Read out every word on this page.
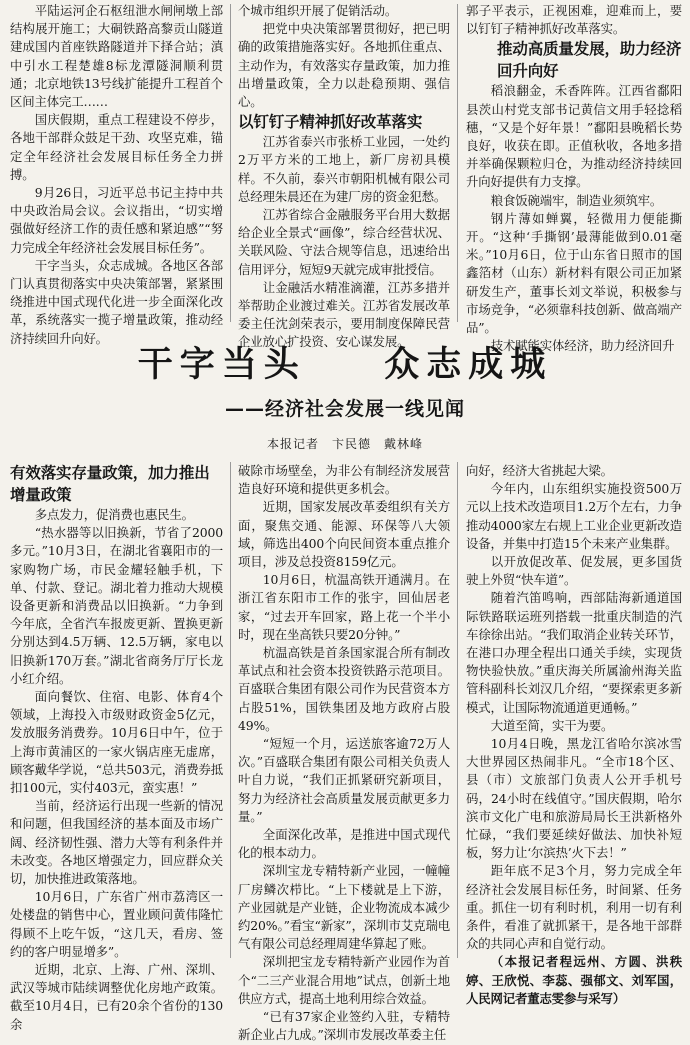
平陆运河企石枢纽泄水闸闸墩上部结构展开施工；大硐铁路高黎贡山隧道建成国内首座铁路隧道并下择合站；滇中引水工程楚雄8标龙潭隧洞顺利贯通；北京地铁13号线扩能提升工程首个区间主体完工……

国庆假期，重点工程建设不停步，各地干部群众鼓足干劲、攻坚克难，锚定全年经济社会发展目标任务全力拼搏。

9月26日，习近平总书记主持中共中央政治局会议。会议指出，“切实增强做好经济工作的责任感和紧迫感”“努力完成全年经济社会发展目标任务”。

干字当头，众志成城。各地区各部门认真贯彻落实中央决策部署，紧紧围绕推进中国式现代化进一步全面深化改革，系统落实一揽子增量政策，推动经济持续回升向好。

个城市组织开展了促销活动。

把党中央决策部署贯彻好，把已明确的政策措施落实好。各地抓住重点、主动作为，有效落实存量政策，加力推出增量政策，全力以赴稳预期、强信心。

以钉钉子精神抓好改革落实

江苏省泰兴市张桥工业园，一处约2万平方米的工地上，新厂房初具模样。不久前，泰兴市朝阳机械有限公司总经理朱晨还在为建厂房的资金犯愁。

江苏省综合金融服务平台用大数据给企业全景式“画像”，综合经营状况、关联风险、守法合规等信息，迅速给出信用评分，短短9天就完成审批授信。

让金融活水精准滴灌，江苏多措并举帮助企业渡过难关。江苏省发展改革委主任沈剑荣表示，要用制度保障民营企业放心扩投资、安心谋发展。

郭子平表示，正视困难，迎难而上，要以钉钉子精神抓好改革落实。

推动高质量发展，助力经济回升向好

稻浪翻金，禾香阵阵。江西省鄱阳县茨山村党支部书记黄信文用手轻捻稻穗，“又是个好年景！”鄱阳县晚稻长势良好，收获在即。正值秋收，各地多措并举确保颗粒归仓，为推动经济持续回升向好提供有力支撑。

粮食饭碗端牢，制造业须筑牢。

钢片薄如蝉翼，轻微用力便能撕开。“这种‘手撕钢’最薄能做到0.01毫米。”10月6日，位于山东省日照市的国鑫箔材（山东）新材料有限公司正加紧研发生产，董事长刘文举说，积极参与市场竞争，“必须靠科技创新、做高端产品”。

技术赋能实体经济，助力经济回升

干字当头 众志成城
——经济社会发展一线见闻
本报记者　卞民德　戴林峰

有效落实存量政策，加力推出增量政策

多点发力，促消费也惠民生。

“热水器等以旧换新，节省了2000多元。”10月3日，在湖北省襄阳市的一家购物广场，市民金耀轻触手机，下单、付款、登记。湖北着力推动大规模设备更新和消费品以旧换新。“力争到今年底，全省汽车报废更新、置换更新分别达到4.5万辆、12.5万辆，家电以旧换新170万套。”湖北省商务厅厅长龙小红介绍。

面向餐饮、住宿、电影、体育4个领域，上海投入市级财政资金5亿元，发放服务消费券。10月6日中午，位于上海市黄浦区的一家火锅店座无虚席，顾客戴华学说，“总共503元，消费券抵扣100元，实付403元，蛮实惠！”

当前，经济运行出现一些新的情况和问题，但我国经济的基本面及市场广阔、经济韧性强、潜力大等有利条件并未改变。各地区增强定力，回应群众关切，加快推进政策落地。

10月6日，广东省广州市荔湾区一处楼盘的销售中心，置业顾问黄伟隆忙得顾不上吃午饭，“这几天，看房、签约的客户明显增多”。

近期，北京、上海、广州、深圳、武汉等城市陆续调整优化房地产政策。截至10月4日，已有20余个省份的130余

破除市场壁垒，为非公有制经济发展营造良好环境和提供更多机会。

近期，国家发展改革委组织有关方面，聚焦交通、能源、环保等八大领域，筛选出400个向民间资本重点推介项目，涉及总投资8159亿元。

10月6日，杭温高铁开通满月。在浙江省东阳市工作的张宇，回仙居老家，“过去开车回家，路上花一个半小时，现在坐高铁只要20分钟。”

杭温高铁是首条国家混合所有制改革试点和社会资本投资铁路示范项目。百盛联合集团有限公司作为民营资本方占股51%，国铁集团及地方政府占股49%。

“短短一个月，运送旅客逾72万人次。”百盛联合集团有限公司相关负责人叶自力说，“我们正抓紧研究新项目，努力为经济社会高质量发展贡献更多力量。”

全面深化改革，是推进中国式现代化的根本动力。

深圳宝龙专精特新产业园，一幢幢厂房鳞次栉比。“上下楼就是上下游，产业园就是产业链，企业物流成本减少约20%。”看宝“新家”，深圳市艾克瑞电气有限公司总经理周建华算起了账。

深圳把宝龙专精特新产业园作为首个“二三产业混合用地”试点，创新土地供应方式，提高土地利用综合效益。

“已有37家企业签约入驻，专精特新企业占九成。”深圳市发展改革委主任

向好，经济大省挑起大梁。

今年内，山东组织实施投资500万元以上技术改造项目1.2万个左右，力争推动4000家左右规上工业企业更新改造设备，并集中打造15个未来产业集群。

以开放促改革、促发展，更多国货驶上外贸“快车道”。

随着汽笛鸣响，西部陆海新通道国际铁路联运班列搭载一批重庆制造的汽车徐徐出站。“我们取消企业转关环节，在港口办理全程出口通关手续，实现货物快验快放。”重庆海关所属渝州海关监管科副科长刘汉几介绍，“要探索更多新模式，让国际物流通道更通畅。”

大道至简，实干为要。

10月4日晚，黑龙江省哈尔滨冰雪大世界园区热闹非凡。“全市18个区、县（市）文旅部门负责人公开手机号码，24小时在线值守。”国庆假期，哈尔滨市文化广电和旅游局局长王洪新格外忙碌，“我们要延续好做法、加快补短板，努力让‘尔滨热’火下去！”

距年底不足3个月，努力完成全年经济社会发展目标任务，时间紧、任务重。抓住一切有利时机，利用一切有利条件，看准了就抓紧干，是各地干部群众的共同心声和自觉行动。

（本报记者程远州、方圆、洪秩婷、王欣悦、李蕊、强郁文、刘军国，人民网记者董志雯参与采写）
